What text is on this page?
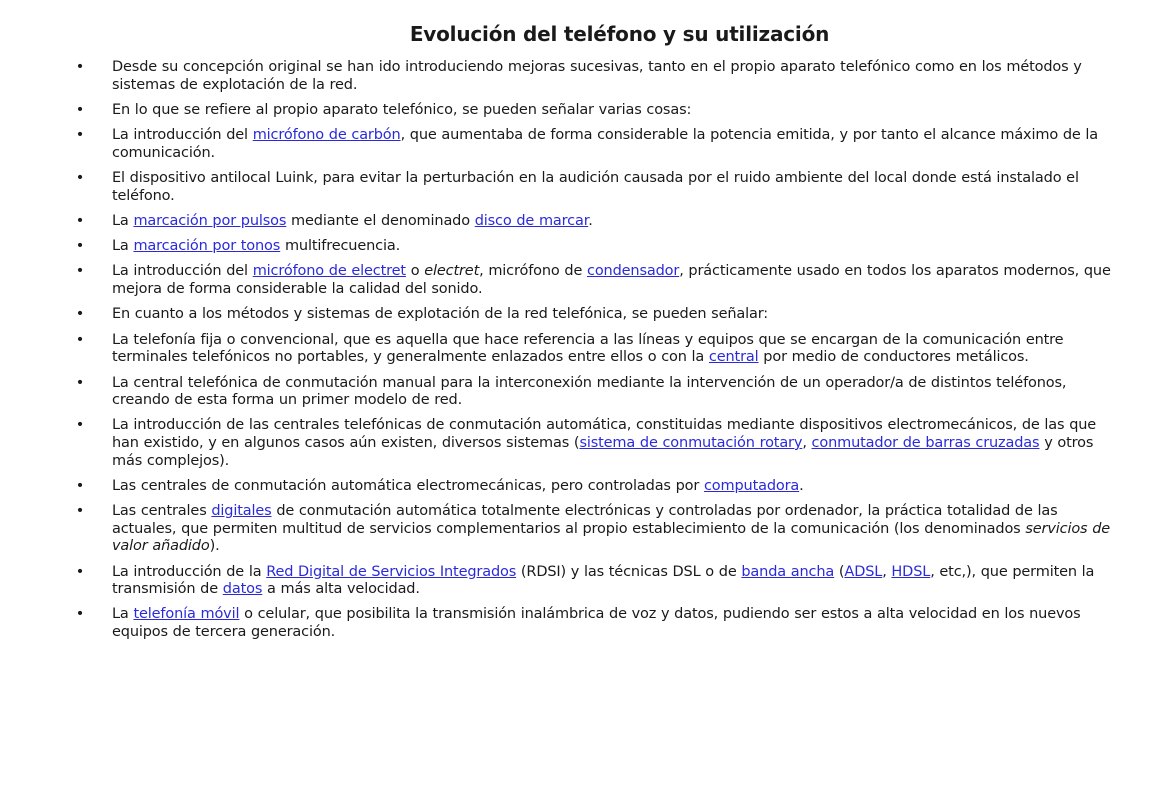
Evolución del teléfono y su utilización
• Desde su concepción original se han ido introduciendo mejoras sucesivas, tanto en el propio aparato telefónico como en los métodos y sistemas de explotación de la red.
• En lo que se refiere al propio aparato telefónico, se pueden señalar varias cosas:
• La introducción del micrófono de carbón, que aumentaba de forma considerable la potencia emitida, y por tanto el alcance máximo de la comunicación.
• El dispositivo antilocal Luink, para evitar la perturbación en la audición causada por el ruido ambiente del local donde está instalado el teléfono.
• La marcación por pulsos mediante el denominado disco de marcar.
• La marcación por tonos multifrecuencia.
• La introducción del micrófono de electret o electret, micrófono de condensador, prácticamente usado en todos los aparatos modernos, que mejora de forma considerable la calidad del sonido.
• En cuanto a los métodos y sistemas de explotación de la red telefónica, se pueden señalar:
• La telefonía fija o convencional, que es aquella que hace referencia a las líneas y equipos que se encargan de la comunicación entre terminales telefónicos no portables, y generalmente enlazados entre ellos o con la central por medio de conductores metálicos.
• La central telefónica de conmutación manual para la interconexión mediante la intervención de un operador/a de distintos teléfonos, creando de esta forma un primer modelo de red.
• La introducción de las centrales telefónicas de conmutación automática, constituidas mediante dispositivos electromecánicos, de las que han existido, y en algunos casos aún existen, diversos sistemas (sistema de conmutación rotary, conmutador de barras cruzadas y otros más complejos).
• Las centrales de conmutación automática electromecánicas, pero controladas por computadora.
• Las centrales digitales de conmutación automática totalmente electrónicas y controladas por ordenador, la práctica totalidad de las actuales, que permiten multitud de servicios complementarios al propio establecimiento de la comunicación (los denominados servicios de valor añadido).
• La introducción de la Red Digital de Servicios Integrados (RDSI) y las técnicas DSL o de banda ancha (ADSL, HDSL, etc,), que permiten la transmisión de datos a más alta velocidad.
• La telefonía móvil o celular, que posibilita la transmisión inalámbrica de voz y datos, pudiendo ser estos a alta velocidad en los nuevos equipos de tercera generación.
